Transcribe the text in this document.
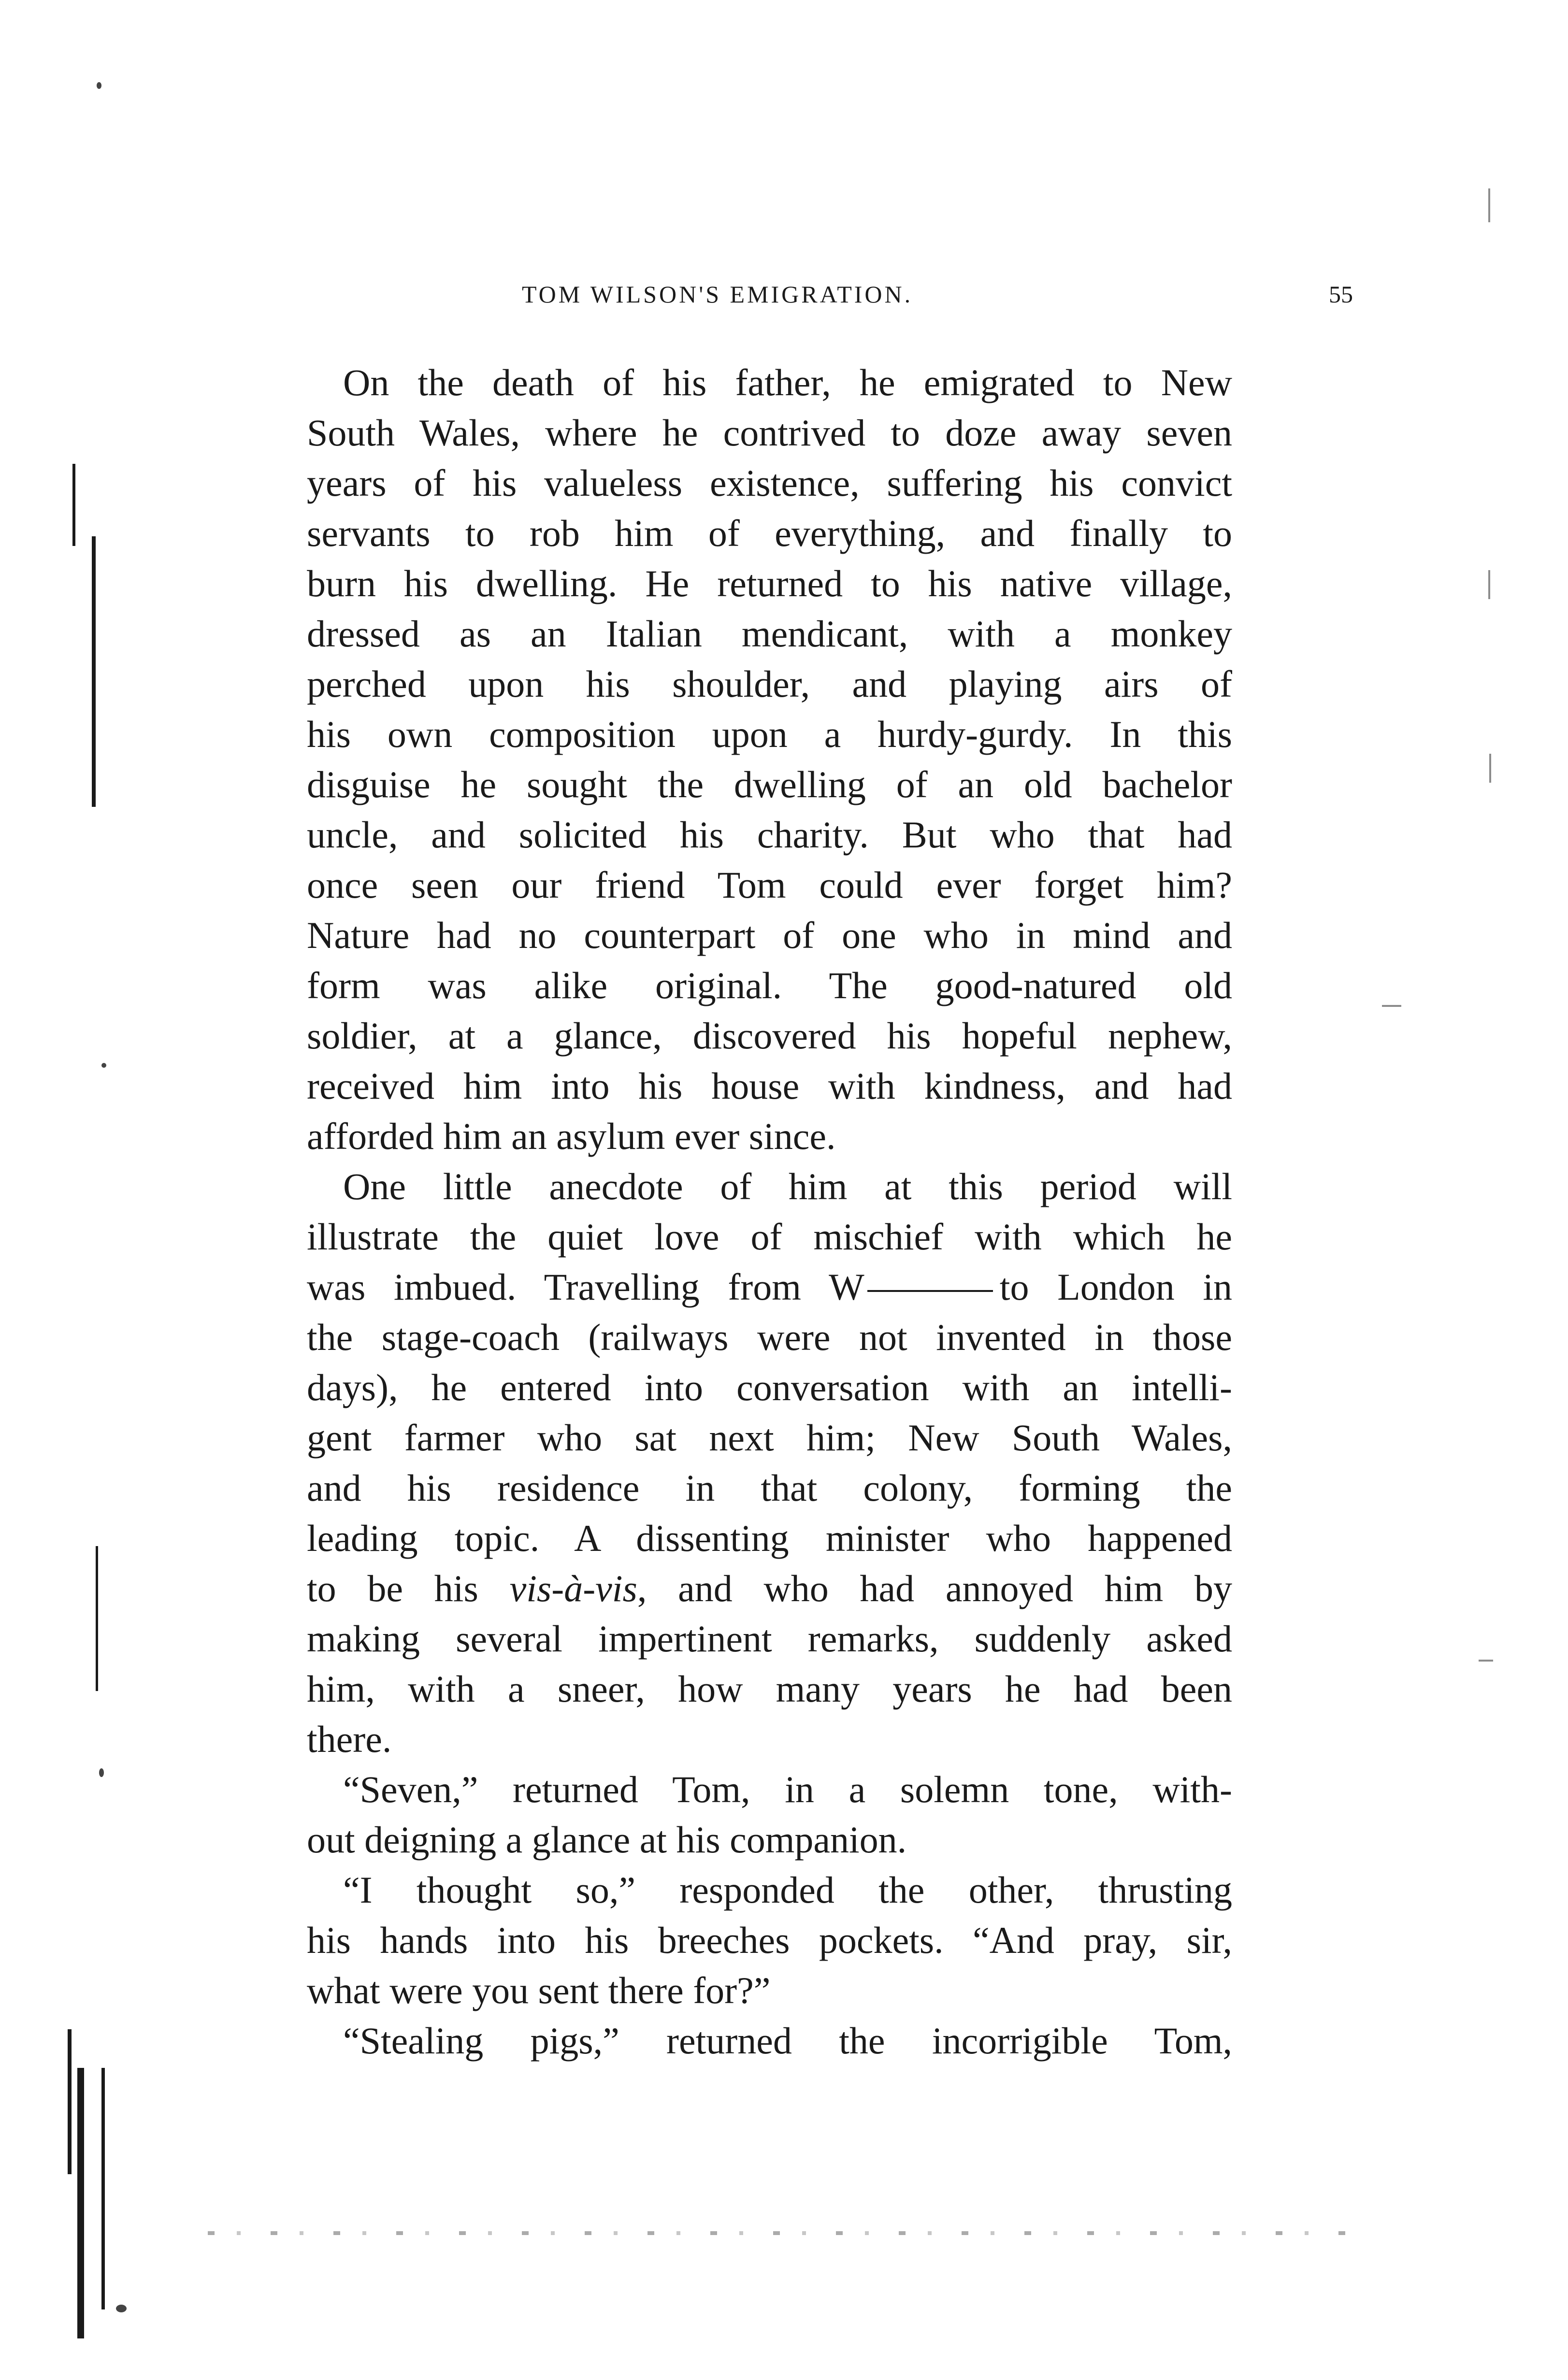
TOM WILSON'S EMIGRATION.	55
On the death of his father, he emigrated to New
South Wales, where he contrived to doze away seven
years of his valueless existence, suffering his convict
servants to rob him of everything, and finally to
burn his dwelling. He returned to his native village,
dressed as an Italian mendicant, with a monkey
perched upon his shoulder, and playing airs of
his own composition upon a hurdy-gurdy. In this
disguise he sought the dwelling of an old bachelor
uncle, and solicited his charity. But who that had
once seen our friend Tom could ever forget him?
Nature had no counterpart of one who in mind and
form was alike original. The good-natured old
soldier, at a glance, discovered his hopeful nephew,
received him into his house with kindness, and had
afforded him an asylum ever since.
One little anecdote of him at this period will
illustrate the quiet love of mischief with which he
was imbued. Travelling from W	to London in
the stage-coach (railways were not invented in those
days), he entered into conversation with an intelli-
gent farmer who sat next him; New South Wales,
and his residence in that colony, forming the
leading topic. A dissenting minister who happened
to be his vis-à-vis, and who had annoyed him by
making several impertinent remarks, suddenly asked
him, with a sneer, how many years he had been
there.
“Seven,” returned Tom, in a solemn tone, with-
out deigning a glance at his companion.
“I thought so,” responded the other, thrusting
his hands into his breeches pockets. “And pray, sir,
what were you sent there for?”
“Stealing pigs,” returned the incorrigible Tom,
